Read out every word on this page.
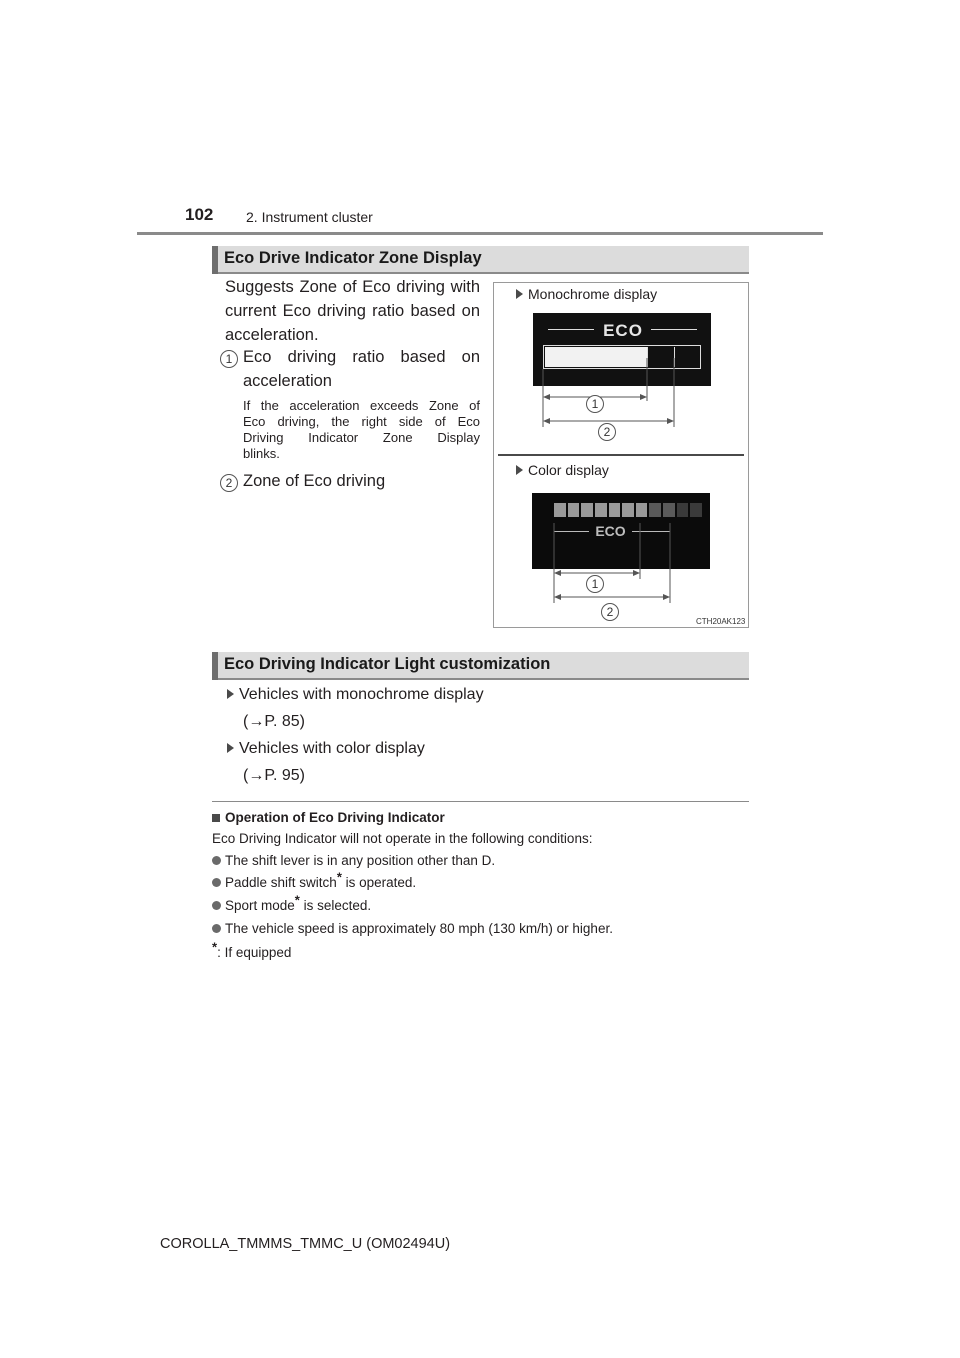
102 2. Instrument cluster
Eco Drive Indicator Zone Display
Suggests Zone of Eco driving with
current Eco driving ratio based on
acceleration.
1 Eco driving ratio based on
acceleration
If the acceleration exceeds Zone of
Eco driving, the right side of Eco
Driving Indicator Zone Display
blinks.
2 Zone of Eco driving
Monochrome display
ECO
1
2
Color display
ECO
1
2
CTH20AK123
Eco Driving Indicator Light customization
Vehicles with monochrome display
(→P. 85)
Vehicles with color display
(→P. 95)
Operation of Eco Driving Indicator
Eco Driving Indicator will not operate in the following conditions:
The shift lever is in any position other than D.
Paddle shift switch* is operated.
Sport mode* is selected.
The vehicle speed is approximately 80 mph (130 km/h) or higher.
*: If equipped
COROLLA_TMMMS_TMMC_U (OM02494U)
